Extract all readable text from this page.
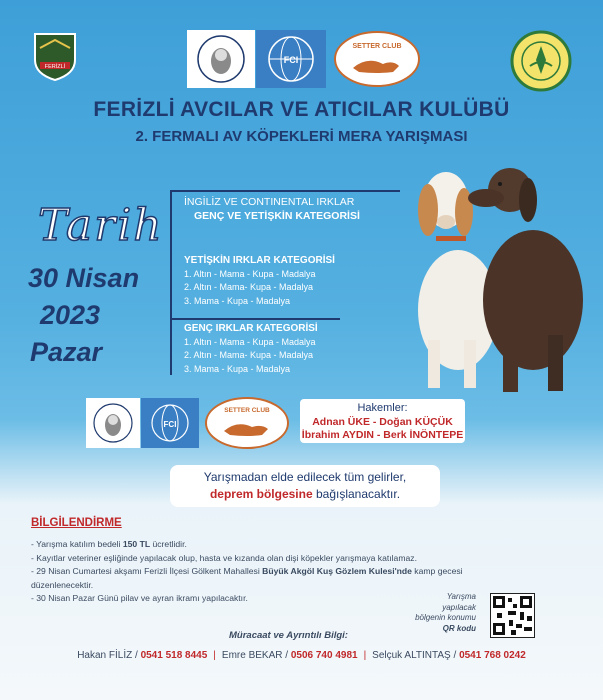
FERİZLİ
FCI
SETTER CLUB
FERİZLİ AVCILAR VE ATICILAR KULÜBÜ
2. FERMALI AV KÖPEKLERİ MERA YARIŞMASI
İNGİLİZ VE CONTINENTAL IRKLAR
GENÇ VE YETİŞKİN KATEGORİSİ
YETİŞKİN IRKLAR KATEGORİSİ
1. Altın - Mama - Kupa - Madalya
2. Altın - Mama- Kupa - Madalya
3. Mama - Kupa - Madalya
GENÇ IRKLAR KATEGORİSİ
1. Altın - Mama - Kupa - Madalya
2. Altın - Mama- Kupa - Madalya
3. Mama - Kupa - Madalya
Tarih
30 Nisan
2023
Pazar
FCI
SETTER CLUB	Hakemler:
Adnan ÜKE - Doğan KÜÇÜK
İbrahim AYDIN - Berk İNÖNTEPE
Yarışmadan elde edilecek tüm gelirler,
deprem bölgesine bağışlanacaktır.
BİLGİLENDİRME
- Yarışma katılım bedeli 150 TL ücretlidir.
- Kayıtlar veteriner eşliğinde yapılacak olup, hasta ve kızanda olan dişi köpekler yarışmaya katılamaz.
- 29 Nisan Cumartesi akşamı Ferizli İlçesi Gölkent Mahallesi Büyük Akgöl Kuş Gözlem Kulesi'nde kamp gecesi düzenlenecektir.
- 30 Nisan Pazar Günü pilav ve ayran ikramı yapılacaktır.	Yarışma
yapılacak
bölgenin konumu
QR kodu
Müracaat ve Ayrıntılı Bilgi:
Hakan FİLİZ / 0541 518 8445 | Emre BEKAR / 0506 740 4981 | Selçuk ALTINTAŞ / 0541 768 0242
